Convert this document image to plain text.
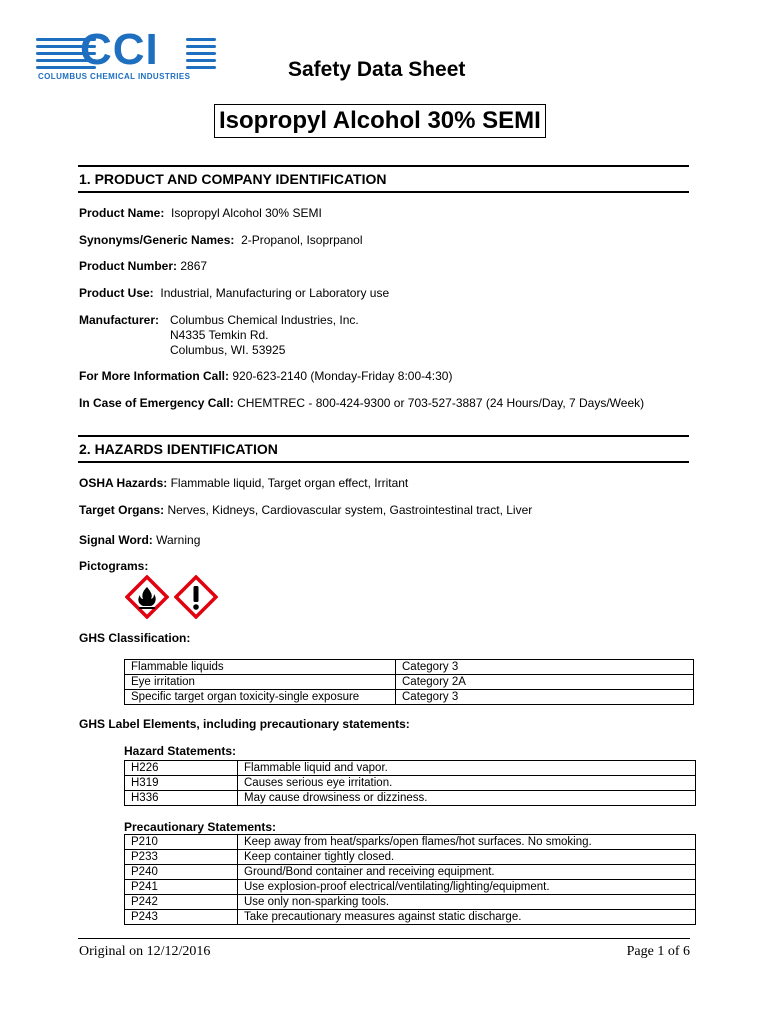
CCI
COLUMBUS CHEMICAL INDUSTRIES	Safety Data Sheet
Isopropyl Alcohol 30% SEMI
1. PRODUCT AND COMPANY IDENTIFICATION
Product Name: Isopropyl Alcohol 30% SEMI
Synonyms/Generic Names: 2-Propanol, Isoprpanol
Product Number: 2867
Product Use: Industrial, Manufacturing or Laboratory use
Manufacturer: Columbus Chemical Industries, Inc.
N4335 Temkin Rd.
Columbus, WI. 53925
For More Information Call: 920-623-2140 (Monday-Friday 8:00-4:30)
In Case of Emergency Call: CHEMTREC - 800-424-9300 or 703-527-3887 (24 Hours/Day, 7 Days/Week)
2. HAZARDS IDENTIFICATION
OSHA Hazards: Flammable liquid, Target organ effect, Irritant
Target Organs: Nerves, Kidneys, Cardiovascular system, Gastrointestinal tract, Liver
Signal Word: Warning
Pictograms:
GHS Classification:
Flammable liquids	Category 3
Eye irritation	Category 2A
Specific target organ toxicity-single exposure	Category 3
GHS Label Elements, including precautionary statements:
Hazard Statements:
H226	Flammable liquid and vapor.
H319	Causes serious eye irritation.
H336	May cause drowsiness or dizziness.
Precautionary Statements:
P210	Keep away from heat/sparks/open flames/hot surfaces. No smoking.
P233	Keep container tightly closed.
P240	Ground/Bond container and receiving equipment.
P241	Use explosion-proof electrical/ventilating/lighting/equipment.
P242	Use only non-sparking tools.
P243	Take precautionary measures against static discharge.
Original on 12/12/2016	Page 1 of 6
